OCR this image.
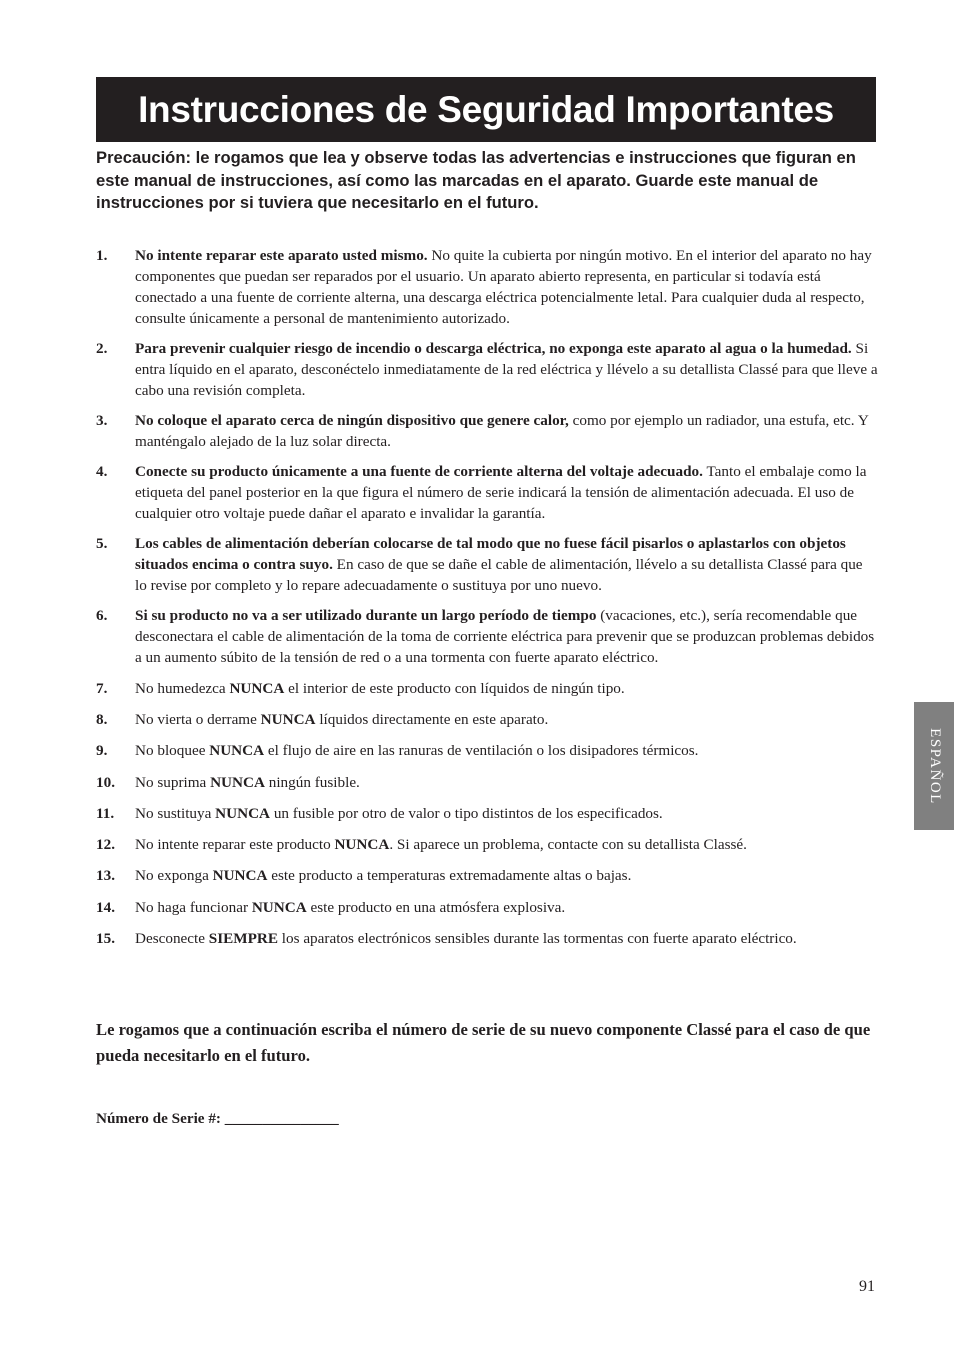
Instrucciones de Seguridad Importantes

Precaución: le rogamos que lea y observe todas las advertencias e instrucciones que figuran en este manual de instrucciones, así como las marcadas en el aparato. Guarde este manual de instrucciones por si tuviera que necesitarlo en el futuro.

1.	No intente reparar este aparato usted mismo. No quite la cubierta por ningún motivo. En el interior del aparato no hay componentes que puedan ser reparados por el usuario. Un aparato abierto representa, en particular si todavía está conectado a una fuente de corriente alterna, una descarga eléctrica potencialmente letal. Para cualquier duda al respecto, consulte únicamente a personal de mantenimiento autorizado.
2.	Para prevenir cualquier riesgo de incendio o descarga eléctrica, no exponga este aparato al agua o la humedad. Si entra líquido en el aparato, desconéctelo inmediatamente de la red eléctrica y llévelo a su detallista Classé para que lleve a cabo una revisión completa.
3.	No coloque el aparato cerca de ningún dispositivo que genere calor, como por ejemplo un radiador, una estufa, etc. Y manténgalo alejado de la luz solar directa.
4.	Conecte su producto únicamente a una fuente de corriente alterna del voltaje adecuado. Tanto el embalaje como la etiqueta del panel posterior en la que figura el número de serie indicará la tensión de alimentación adecuada. El uso de cualquier otro voltaje puede dañar el aparato e invalidar la garantía.
5.	Los cables de alimentación deberían colocarse de tal modo que no fuese fácil pisarlos o aplastarlos con objetos situados encima o contra suyo. En caso de que se dañe el cable de alimentación, llévelo a su detallista Classé para que lo revise por completo y lo repare adecuadamente o sustituya por uno nuevo.
6.	Si su producto no va a ser utilizado durante un largo período de tiempo (vacaciones, etc.), sería recomendable que desconectara el cable de alimentación de la toma de corriente eléctrica para prevenir que se produzcan problemas debidos a un aumento súbito de la tensión de red o a una tormenta con fuerte aparato eléctrico.
7.	No humedezca NUNCA el interior de este producto con líquidos de ningún tipo.
8.	No vierta o derrame NUNCA líquidos directamente en este aparato.
9.	No bloquee NUNCA el flujo de aire en las ranuras de ventilación o los disipadores térmicos.
10.	No suprima NUNCA ningún fusible.
11.	No sustituya NUNCA un fusible por otro de valor o tipo distintos de los especificados.
12.	No intente reparar este producto NUNCA. Si aparece un problema, contacte con su detallista Classé.
13.	No exponga NUNCA este producto a temperaturas extremadamente altas o bajas.
14.	No haga funcionar NUNCA este producto en una atmósfera explosiva.
15.	Desconecte SIEMPRE los aparatos electrónicos sensibles durante las tormentas con fuerte aparato eléctrico.

Le rogamos que a continuación escriba el número de serie de su nuevo componente Classé para el caso de que pueda necesitarlo en el futuro.

Número de Serie #: _______________
ESPAÑOL
91
